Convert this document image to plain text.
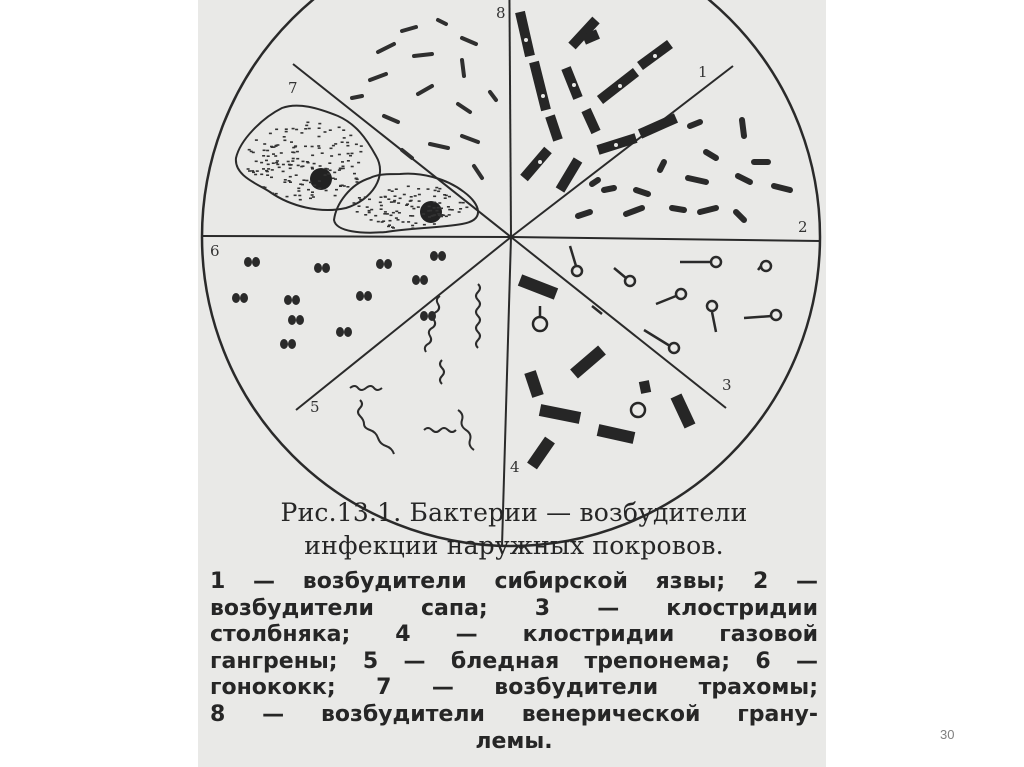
8
1
2
3
4
5
6
7
Рис.13.1. Бактерии — возбудители
инфекции наружных покровов.
1 — возбудители сибирской язвы; 2 —
возбудители сапа; 3 — клостридии
столбняка; 4 — клостридии газовой
гангрены; 5 — бледная трепонема; 6 —
гонококк; 7 — возбудители трахомы;
8 — возбудители венерической грану-
лемы.	30
